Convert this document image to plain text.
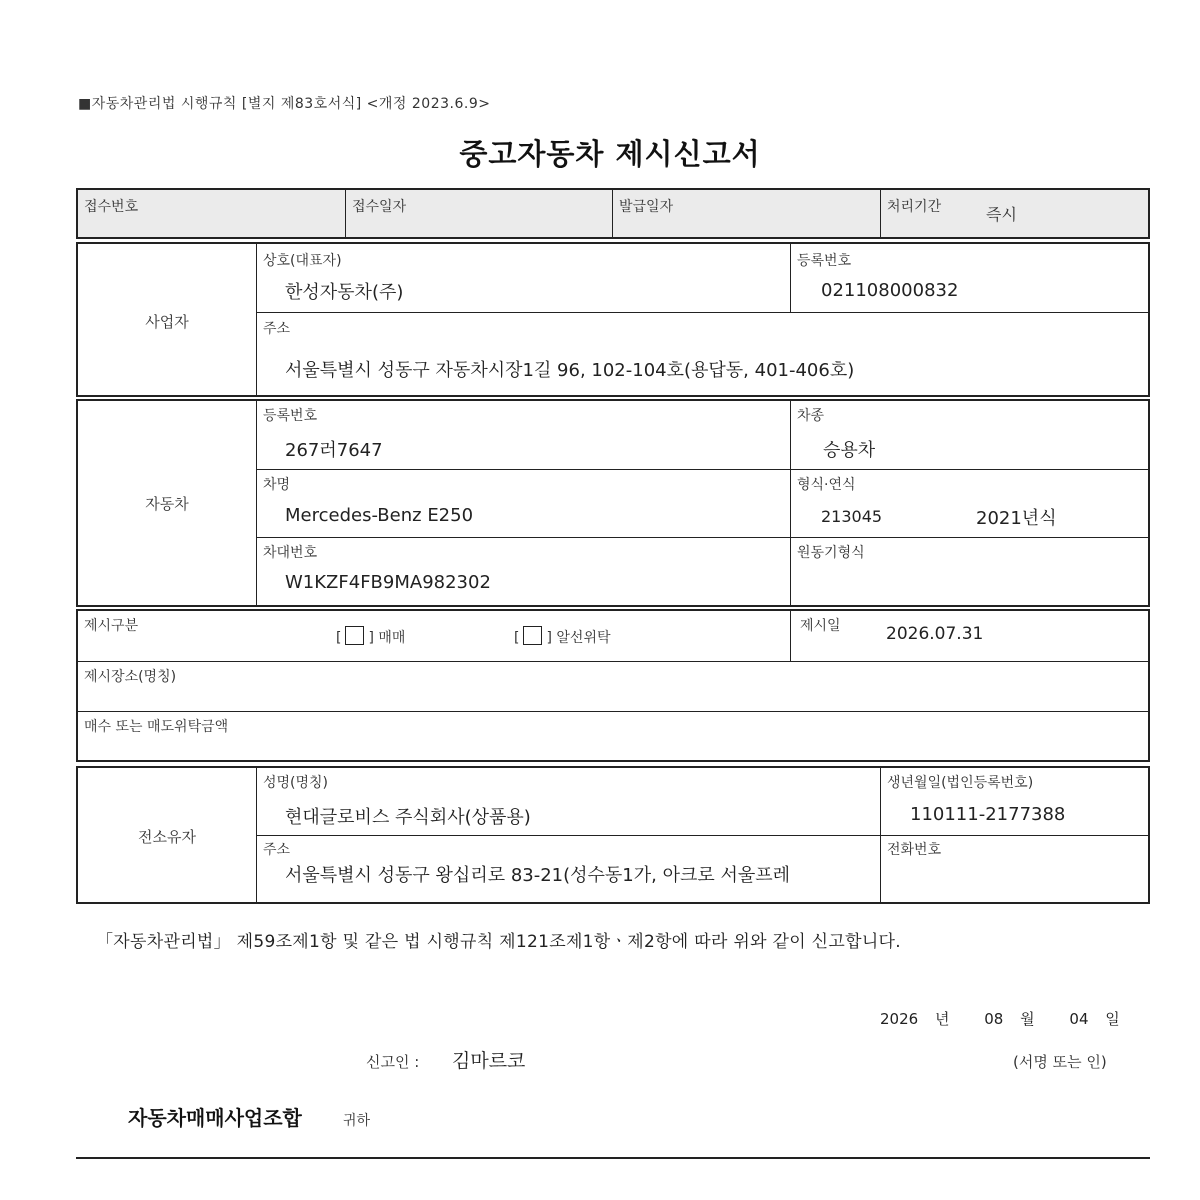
■자동차관리법 시행규칙 [별지 제83호서식] <개정 2023.6.9>
중고자동차 제시신고서
접수번호	접수일자	발급일자	처리기간	즉시
사업자
상호(대표자)
한성자동차(주)
등록번호
021108000832
주소
서울특별시 성동구 자동차시장1길 96, 102-104호(용답동, 401-406호)
자동차
등록번호
267러7647
차종
승용차
차명
Mercedes-Benz E250
형식·연식
213045	2021년식
차대번호
W1KZF4FB9MA982302
원동기형식
제시구분
[ ] 매매	[ ] 알선위탁
제시일	2026.07.31
제시장소(명칭)
매수 또는 매도위탁금액
전소유자
성명(명칭)
현대글로비스 주식회사(상품용)
생년월일(법인등록번호)
110111-2177388
주소
서울특별시 성동구 왕십리로 83-21(성수동1가, 아크로 서울프레
전화번호
「자동차관리법」 제59조제1항 및 같은 법 시행규칙 제121조제1항ㆍ제2항에 따라 위와 같이 신고합니다.
2026 년 08 월 04 일
신고인 : 김마르코	(서명 또는 인)
자동차매매사업조합	귀하
